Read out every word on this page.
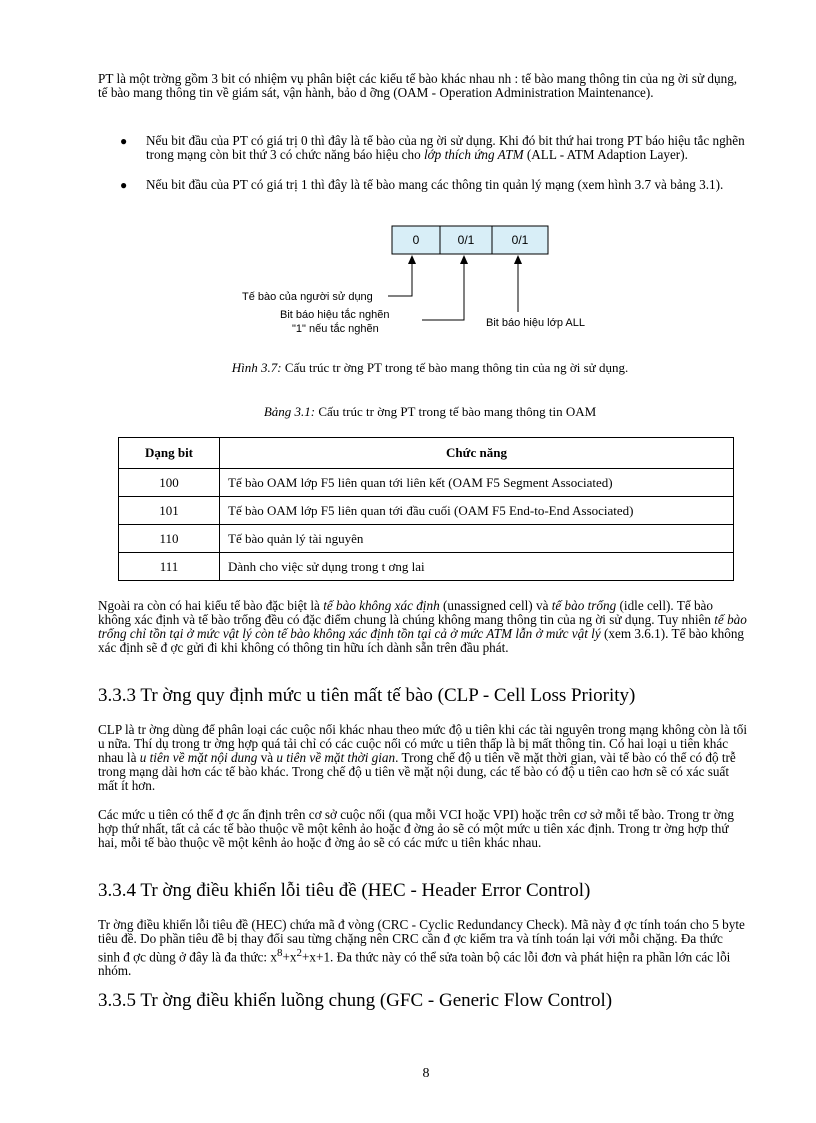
PT là một trờng gồm 3 bit có nhiệm vụ phân biệt các kiểu tế bào khác nhau nh : tế bào mang thông tin của ng ời sử dụng, tế bào mang thông tin về giám sát, vận hành, bảo d ỡng (OAM - Operation Administration Maintenance).

● Nếu bit đầu của PT có giá trị 0 thì đây là tế bào của ng ời sử dụng. Khi đó bit thứ hai trong PT báo hiệu tắc nghẽn trong mạng còn bit thứ 3 có chức năng báo hiệu cho lớp thích ứng ATM (ALL - ATM Adaption Layer).

● Nếu bit đầu của PT có giá trị 1 thì đây là tế bào mang các thông tin quản lý mạng (xem hình 3.7 và bảng 3.1).

0	0/1	0/1
Tế bào của người sử dụng
Bit báo hiệu tắc nghẽn
"1" nếu tắc nghẽn	Bit báo hiệu lớp ALL

Hình 3.7: Cấu trúc tr ờng PT trong tế bào mang thông tin của ng ời sử dụng.

Bảng 3.1: Cấu trúc tr ờng PT trong tế bào mang thông tin OAM

Dạng bit	Chức năng
100	Tế bào OAM lớp F5 liên quan tới liên kết (OAM F5 Segment Associated)
101	Tế bào OAM lớp F5 liên quan tới đầu cuối (OAM F5 End-to-End Associated)
110	Tế bào quản lý tài nguyên
111	Dành cho việc sử dụng trong t ơng lai

Ngoài ra còn có hai kiểu tế bào đặc biệt là tế bào không xác định (unassigned cell) và tế bào trống (idle cell). Tế bào không xác định và tế bào trống đều có đặc điểm chung là chúng không mang thông tin của ng ời sử dụng. Tuy nhiên tế bào trống chỉ tồn tại ở mức vật lý còn tế bào không xác định tồn tại cả ở mức ATM lẫn ở mức vật lý (xem 3.6.1). Tế bào không xác định sẽ đ ợc gửi đi khi không có thông tin hữu ích dành sẵn trên đầu phát.

3.3.3 Tr ờng quy định mức u tiên mất tế bào (CLP - Cell Loss Priority)

CLP là tr ờng dùng để phân loại các cuộc nối khác nhau theo mức độ u tiên khi các tài nguyên trong mạng không còn là tối u nữa. Thí dụ trong tr ờng hợp quá tải chỉ có các cuộc nối có mức u tiên thấp là bị mất thông tin. Có hai loại u tiên khác nhau là u tiên về mặt nội dung và u tiên về mặt thời gian. Trong chế độ u tiên về mặt thời gian, vài tế bào có thể có độ trễ trong mạng dài hơn các tế bào khác. Trong chế độ u tiên về mặt nội dung, các tế bào có độ u tiên cao hơn sẽ có xác suất mất ít hơn.

Các mức u tiên có thể đ ợc ấn định trên cơ sở cuộc nối (qua mỗi VCI hoặc VPI) hoặc trên cơ sở mỗi tế bào. Trong tr ờng hợp thứ nhất, tất cả các tế bào thuộc về một kênh ảo hoặc đ ờng ảo sẽ có một mức u tiên xác định. Trong tr ờng hợp thứ hai, mỗi tế bào thuộc về một kênh ảo hoặc đ ờng ảo sẽ có các mức u tiên khác nhau.

3.3.4 Tr ờng điều khiển lỗi tiêu đề (HEC - Header Error Control)

Tr ờng điều khiển lỗi tiêu đề (HEC) chứa mã đ vòng (CRC - Cyclic Redundancy Check). Mã này đ ợc tính toán cho 5 byte tiêu đề. Do phần tiêu đề bị thay đổi sau từng chặng nên CRC cần đ ợc kiểm tra và tính toán lại với mỗi chặng. Đa thức sinh đ ợc dùng ở đây là đa thức: $x^8+x^2+x+1$. Đa thức này có thể sửa toàn bộ các lỗi đơn và phát hiện ra phần lớn các lỗi nhóm.

3.3.5 Tr ờng điều khiển luồng chung (GFC - Generic Flow Control)
8
